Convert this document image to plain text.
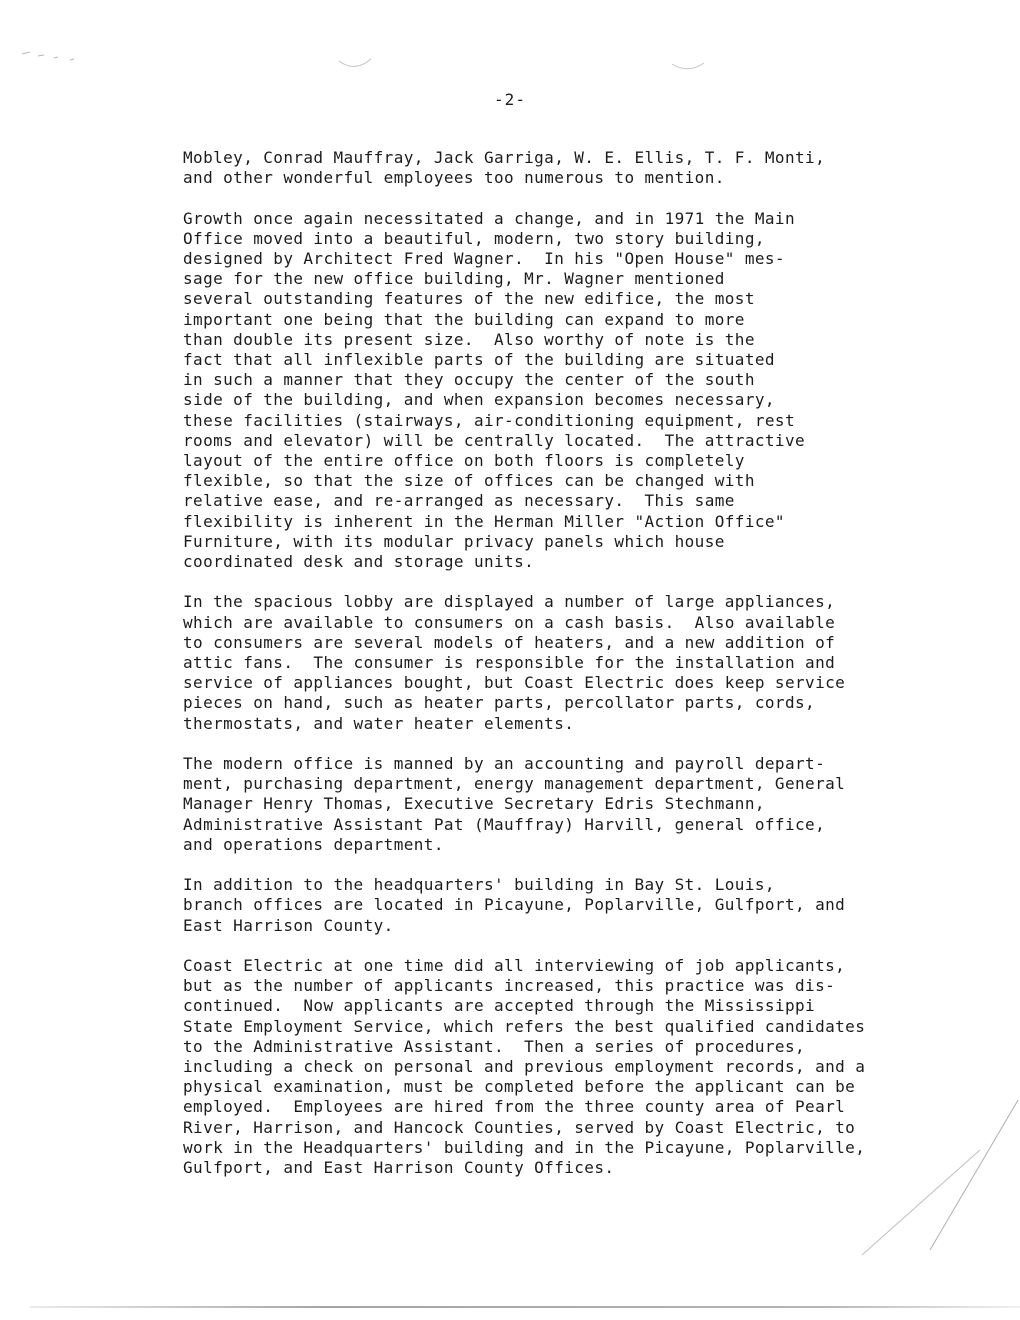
-2-
Mobley, Conrad Mauffray, Jack Garriga, W. E. Ellis, T. F. Monti,
and other wonderful employees too numerous to mention.
Growth once again necessitated a change, and in 1971 the Main
Office moved into a beautiful, modern, two story building,
designed by Architect Fred Wagner.  In his "Open House" mes-
sage for the new office building, Mr. Wagner mentioned
several outstanding features of the new edifice, the most
important one being that the building can expand to more
than double its present size.  Also worthy of note is the
fact that all inflexible parts of the building are situated
in such a manner that they occupy the center of the south
side of the building, and when expansion becomes necessary,
these facilities (stairways, air-conditioning equipment, rest
rooms and elevator) will be centrally located.  The attractive
layout of the entire office on both floors is completely
flexible, so that the size of offices can be changed with
relative ease, and re-arranged as necessary.  This same
flexibility is inherent in the Herman Miller "Action Office"
Furniture, with its modular privacy panels which house
coordinated desk and storage units.
In the spacious lobby are displayed a number of large appliances,
which are available to consumers on a cash basis.  Also available
to consumers are several models of heaters, and a new addition of
attic fans.  The consumer is responsible for the installation and
service of appliances bought, but Coast Electric does keep service
pieces on hand, such as heater parts, percollator parts, cords,
thermostats, and water heater elements.
The modern office is manned by an accounting and payroll depart-
ment, purchasing department, energy management department, General
Manager Henry Thomas, Executive Secretary Edris Stechmann,
Administrative Assistant Pat (Mauffray) Harvill, general office,
and operations department.
In addition to the headquarters' building in Bay St. Louis,
branch offices are located in Picayune, Poplarville, Gulfport, and
East Harrison County.
Coast Electric at one time did all interviewing of job applicants,
but as the number of applicants increased, this practice was dis-
continued.  Now applicants are accepted through the Mississippi
State Employment Service, which refers the best qualified candidates
to the Administrative Assistant.  Then a series of procedures,
including a check on personal and previous employment records, and a
physical examination, must be completed before the applicant can be
employed.  Employees are hired from the three county area of Pearl
River, Harrison, and Hancock Counties, served by Coast Electric, to
work in the Headquarters' building and in the Picayune, Poplarville,
Gulfport, and East Harrison County Offices.
